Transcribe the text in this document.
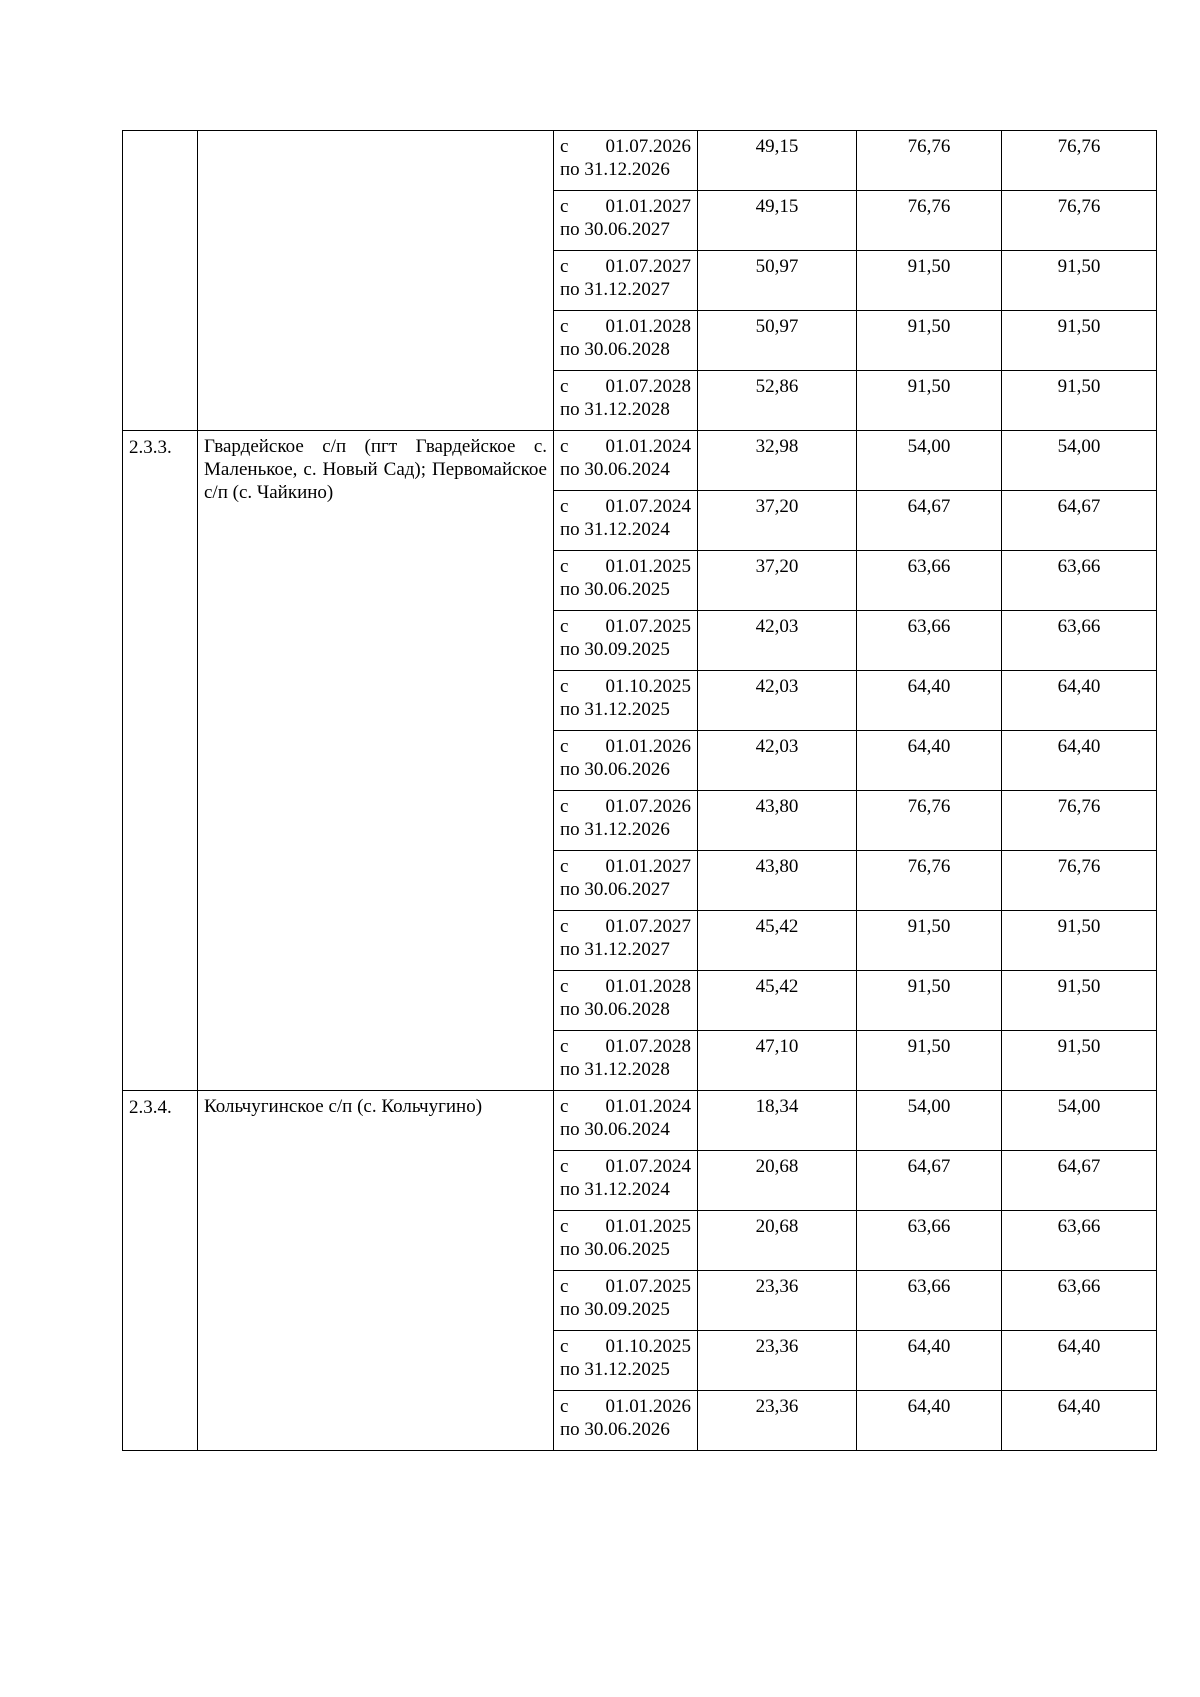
		с 01.07.2026
по 31.12.2026	49,15	76,76	76,76

		с 01.01.2027
по 30.06.2027	49,15	76,76	76,76

		с 01.07.2027
по 31.12.2027	50,97	91,50	91,50

		с 01.01.2028
по 30.06.2028	50,97	91,50	91,50

		с 01.07.2028
по 31.12.2028	52,86	91,50	91,50
2.3.3.	Гвардейское с/п (пгт Гвардейское с. Маленькое, с. Новый Сад); Первомайское с/п (с. Чайкино)	с 01.01.2024
по 30.06.2024	32,98	54,00	54,00

		с 01.07.2024
по 31.12.2024	37,20	64,67	64,67

		с 01.01.2025
по 30.06.2025	37,20	63,66	63,66

		с 01.07.2025
по 30.09.2025	42,03	63,66	63,66

		с 01.10.2025
по 31.12.2025	42,03	64,40	64,40

		с 01.01.2026
по 30.06.2026	42,03	64,40	64,40

		с 01.07.2026
по 31.12.2026	43,80	76,76	76,76

		с 01.01.2027
по 30.06.2027	43,80	76,76	76,76

		с 01.07.2027
по 31.12.2027	45,42	91,50	91,50

		с 01.01.2028
по 30.06.2028	45,42	91,50	91,50

		с 01.07.2028
по 31.12.2028	47,10	91,50	91,50
2.3.4.	Кольчугинское с/п (с. Кольчугино)	с 01.01.2024
по 30.06.2024	18,34	54,00	54,00

		с 01.07.2024
по 31.12.2024	20,68	64,67	64,67

		с 01.01.2025
по 30.06.2025	20,68	63,66	63,66

		с 01.07.2025
по 30.09.2025	23,36	63,66	63,66

		с 01.10.2025
по 31.12.2025	23,36	64,40	64,40

		с 01.01.2026
по 30.06.2026	23,36	64,40	64,40
